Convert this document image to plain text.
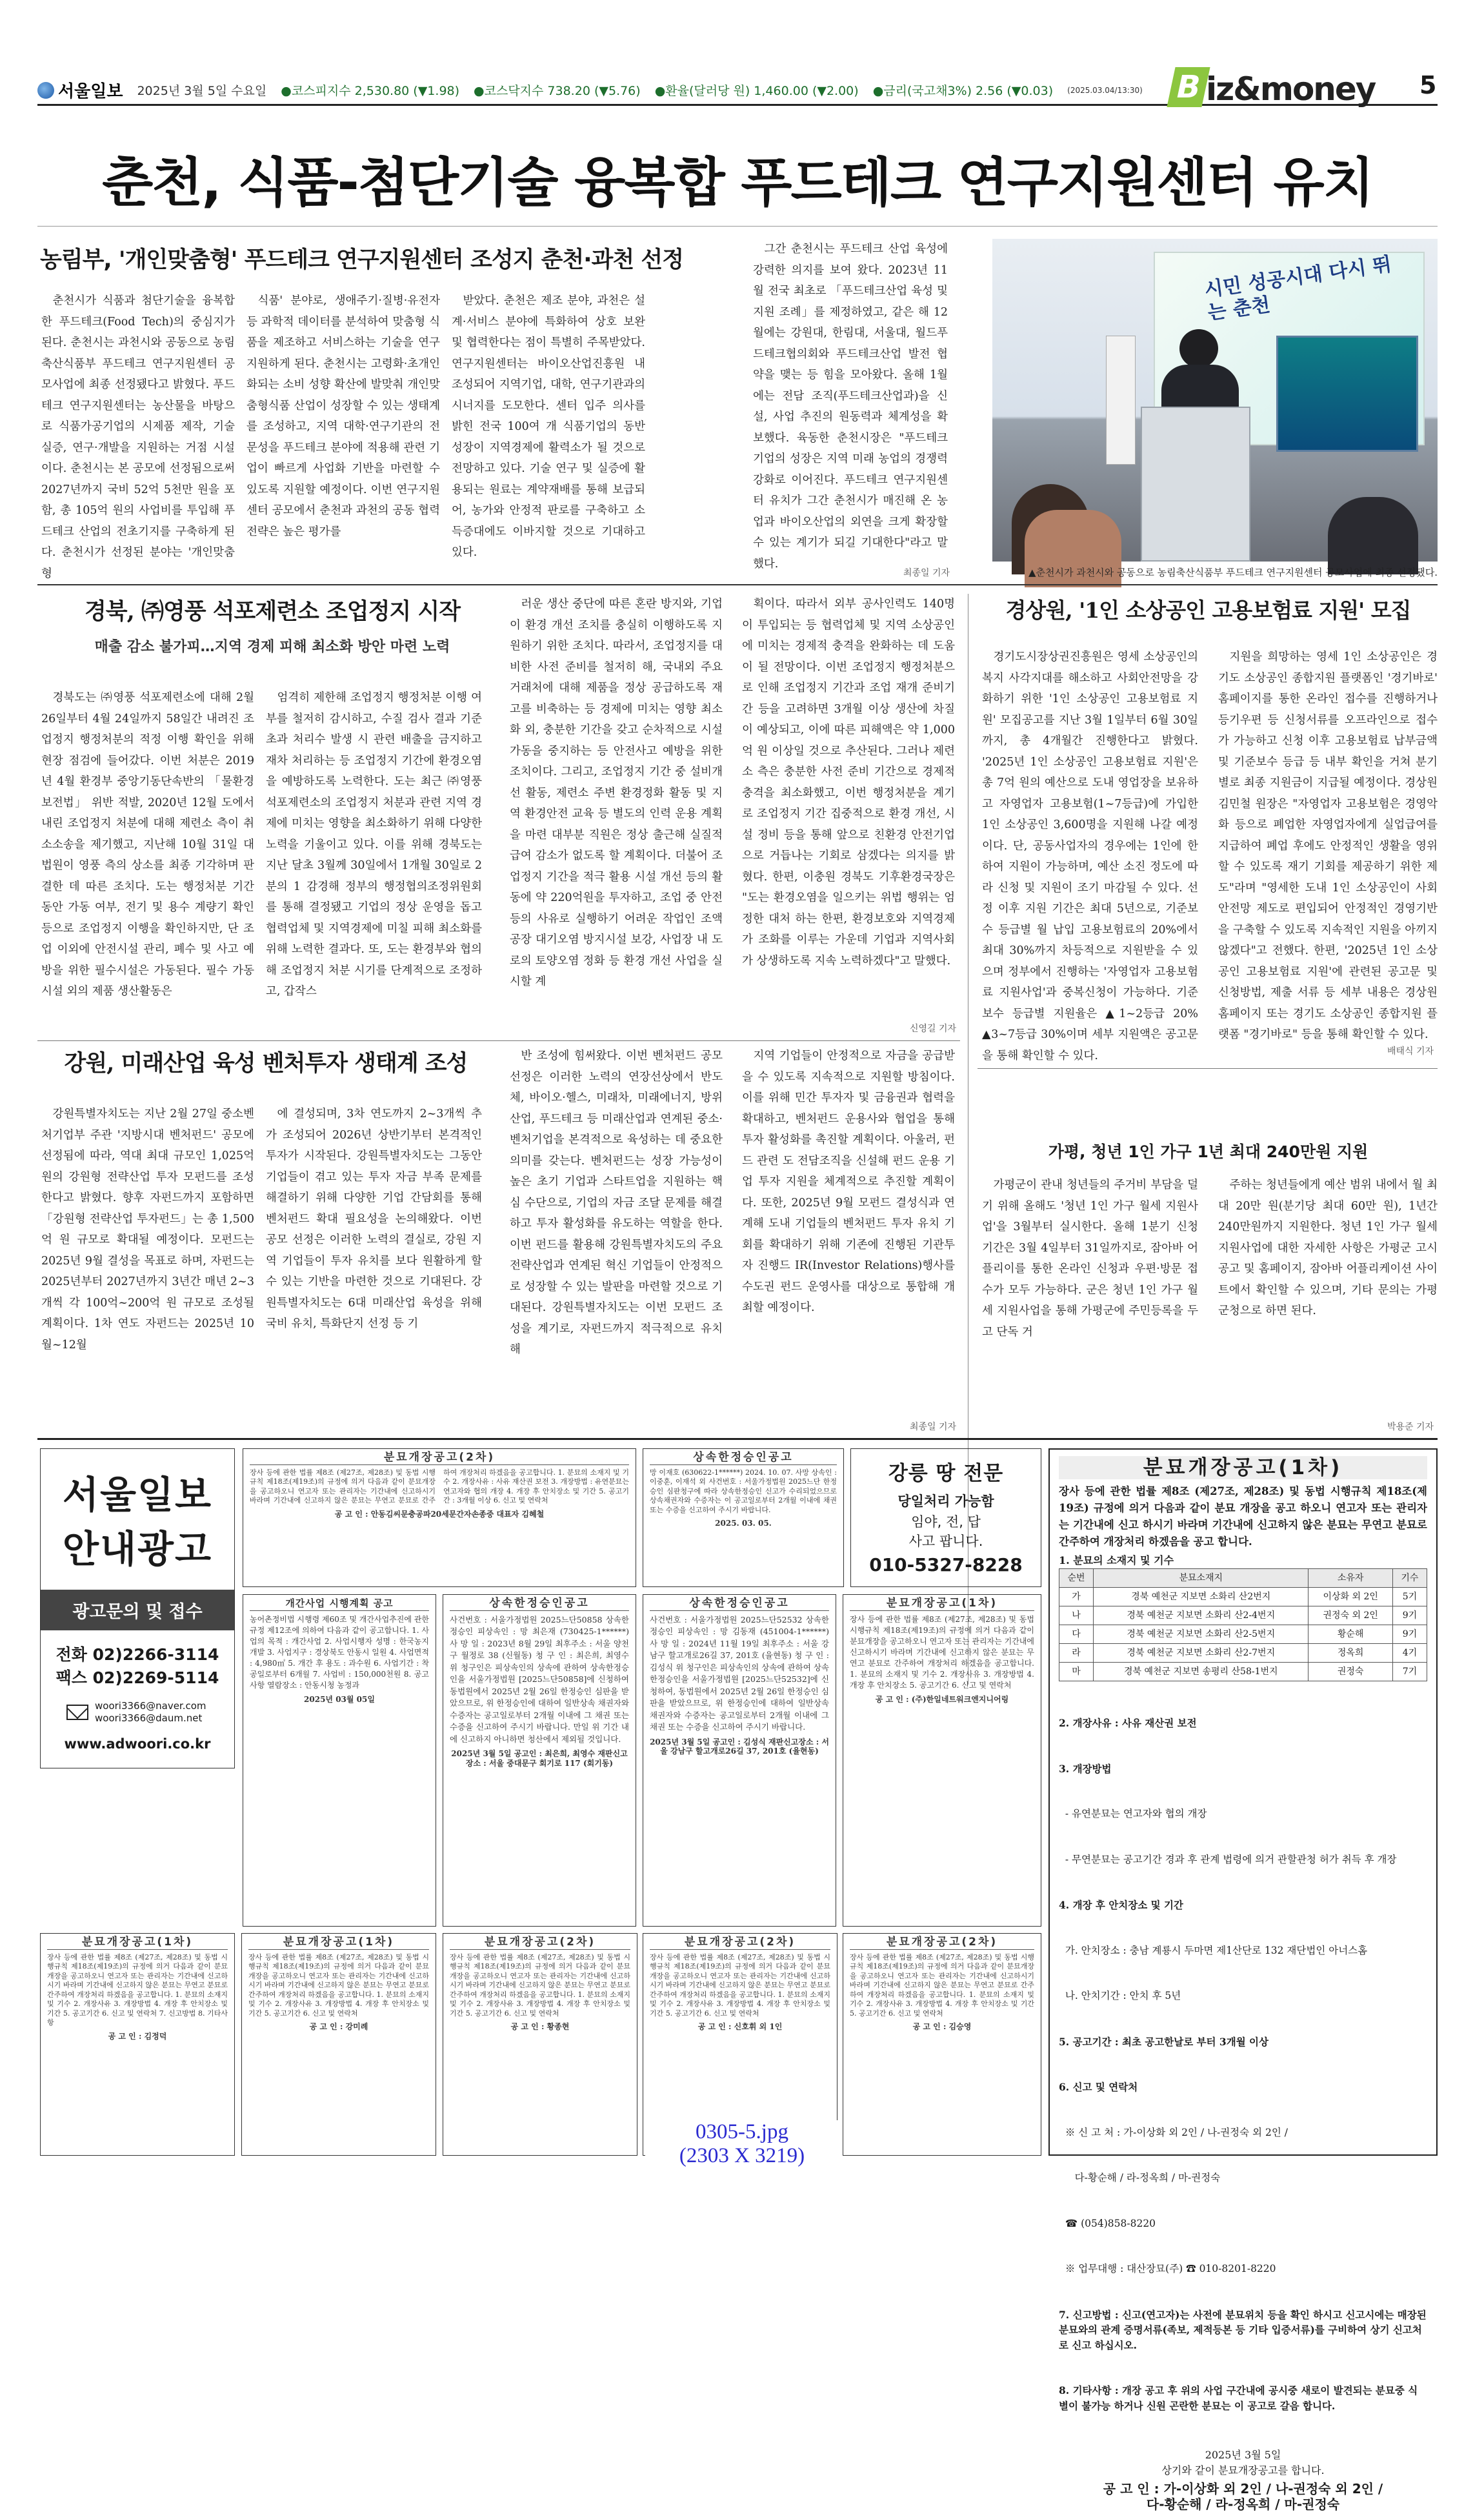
서울일보 2025년 3월 5일 수요일 ●코스피지수 2,530.80 (▼1.98) ●코스닥지수 738.20 (▼5.76) ●환율(달러당 원) 1,460.00 (▼2.00) ●금리(국고채3%) 2.56 (▼0.03) (2025.03.04/13:30) B iz&money 5
춘천, 식품-첨단기술 융복합 푸드테크 연구지원센터 유치
농림부, '개인맞춤형' 푸드테크 연구지원센터 조성지 춘천·과천 선정

춘천시가 식품과 첨단기술을 융복합한 푸드테크(Food Tech)의 중심지가 된다. 춘천시는 과천시와 공동으로 농림축산식품부 푸드테크 연구지원센터 공모사업에 최종 선정됐다고 밝혔다. 푸드테크 연구지원센터는 농산물을 바탕으로 식품가공기업의 시제품 제작, 기술 실증, 연구·개발을 지원하는 거점 시설이다. 춘천시는 본 공모에 선정됨으로써 2027년까지 국비 52억 5천만 원을 포함, 총 105억 원의 사업비를 투입해 푸드테크 산업의 전초기지를 구축하게 된다. 춘천시가 선정된 분야는 '개인맞춤형

식품' 분야로, 생애주기·질병·유전자 등 과학적 데이터를 분석하여 맞춤형 식품을 제조하고 서비스하는 기술을 연구 지원하게 된다. 춘천시는 고령화·초개인화되는 소비 성향 확산에 발맞춰 개인맞춤형식품 산업이 성장할 수 있는 생태계를 조성하고, 지역 대학·연구기관의 전문성을 푸드테크 분야에 적용해 관련 기업이 빠르게 사업화 기반을 마련할 수 있도록 지원할 예정이다. 이번 연구지원센터 공모에서 춘천과 과천의 공동 협력 전략은 높은 평가를

받았다. 춘천은 제조 분야, 과천은 설계·서비스 분야에 특화하여 상호 보완 및 협력한다는 점이 특별히 주목받았다. 연구지원센터는 바이오산업진흥원 내 조성되어 지역기업, 대학, 연구기관과의 시너지를 도모한다. 센터 입주 의사를 밝힌 전국 100여 개 식품기업의 동반 성장이 지역경제에 활력소가 될 것으로 전망하고 있다. 기술 연구 및 실증에 활용되는 원료는 계약재배를 통해 보급되어, 농가와 안정적 판로를 구축하고 소득증대에도 이바지할 것으로 기대하고 있다.

그간 춘천시는 푸드테크 산업 육성에 강력한 의지를 보여 왔다. 2023년 11월 전국 최초로 「푸드테크산업 육성 및 지원 조례」를 제정하였고, 같은 해 12월에는 강원대, 한림대, 서울대, 월드푸드테크협의회와 푸드테크산업 발전 협약을 맺는 등 힘을 모아왔다. 올해 1월에는 전담 조직(푸드테크산업과)을 신설, 사업 추진의 원동력과 체계성을 확보했다. 육동한 춘천시장은 "푸드테크 기업의 성장은 지역 미래 농업의 경쟁력 강화로 이어진다. 푸드테크 연구지원센터 유치가 그간 춘천시가 매진해 온 농업과 바이오산업의 외연을 크게 확장할 수 있는 계기가 되길 기대한다"라고 말했다.

최종일 기자
시민 성공시대 다시 뛰는 춘천
▲춘천시가 과천시와 공동으로 농림축산식품부 푸드테크 연구지원센터 공모사업에 최종 선정됐다.
경북, ㈜영풍 석포제련소 조업정지 시작
매출 감소 불가피…지역 경제 피해 최소화 방안 마련 노력

경북도는 ㈜영풍 석포제련소에 대해 2월 26일부터 4월 24일까지 58일간 내려진 조업정지 행정처분의 적정 이행 확인을 위해 현장 점검에 들어갔다. 이번 처분은 2019년 4월 환경부 중앙기동단속반의 「물환경보전법」 위반 적발, 2020년 12월 도에서 내린 조업정지 처분에 대해 제련소 측이 취소소송을 제기했고, 지난해 10월 31일 대법원이 영풍 측의 상소를 최종 기각하며 판결한 데 따른 조치다. 도는 행정처분 기간 동안 가동 여부, 전기 및 용수 계량기 확인 등으로 조업정지 이행을 확인하지만, 단 조업 이외에 안전시설 관리, 폐수 및 사고 예방을 위한 필수시설은 가동된다. 필수 가동 시설 외의 제품 생산활동은

엄격히 제한해 조업정지 행정처분 이행 여부를 철저히 감시하고, 수질 검사 결과 기준 초과 처리수 발생 시 관련 배출을 금지하고 재차 처리하는 등 조업정지 기간에 환경오염을 예방하도록 노력한다. 도는 최근 ㈜영풍 석포제련소의 조업정지 처분과 관련 지역 경제에 미치는 영향을 최소화하기 위해 다양한 노력을 기울이고 있다. 이를 위해 경북도는 지난 달초 3월께 30일에서 1개월 30일로 2분의 1 감경해 정부의 행정협의조정위원회를 통해 결정됐고 기업의 정상 운영을 돕고 협력업체 및 지역경제에 미칠 피해 최소화를 위해 노력한 결과다. 또, 도는 환경부와 협의해 조업정지 처분 시기를 단계적으로 조정하고, 갑작스

러운 생산 중단에 따른 혼란 방지와, 기업이 환경 개선 조치를 충실히 이행하도록 지원하기 위한 조치다. 따라서, 조업정지를 대비한 사전 준비를 철저히 해, 국내외 주요 거래처에 대해 제품을 정상 공급하도록 재고를 비축하는 등 경제에 미치는 영향 최소화 외, 충분한 기간을 갖고 순차적으로 시설 가동을 중지하는 등 안전사고 예방을 위한 조치이다. 그리고, 조업정지 기간 중 설비개선 활동, 제련소 주변 환경정화 활동 및 지역 환경안전 교육 등 별도의 인력 운용 계획을 마련 대부분 직원은 정상 출근해 실질적 급여 감소가 없도록 할 계획이다. 더불어 조업정지 기간을 적극 활용 시설 개선 등의 활동에 약 220억원을 투자하고, 조업 중 안전 등의 사유로 실행하기 어려운 작업인 조액공장 대기오염 방지시설 보강, 사업장 내 도로의 토양오염 정화 등 환경 개선 사업을 실시할 계

획이다. 따라서 외부 공사인력도 140명이 투입되는 등 협력업체 및 지역 소상공인에 미치는 경제적 충격을 완화하는 데 도움이 될 전망이다. 이번 조업정지 행정처분으로 인해 조업정지 기간과 조업 재개 준비기간 등을 고려하면 3개월 이상 생산에 차질이 예상되고, 이에 따른 피해액은 약 1,000억 원 이상일 것으로 추산된다. 그러나 제련소 측은 충분한 사전 준비 기간으로 경제적 충격을 최소화했고, 이번 행정처분을 계기로 조업정지 기간 집중적으로 환경 개선, 시설 정비 등을 통해 앞으로 친환경 안전기업으로 거듭나는 기회로 삼겠다는 의지를 밝혔다. 한편, 이충원 경북도 기후환경국장은 "도는 환경오염을 일으키는 위법 행위는 엄정한 대처 하는 한편, 환경보호와 지역경제가 조화를 이루는 가운데 기업과 지역사회가 상생하도록 지속 노력하겠다"고 말했다.

신영길 기자
경상원, '1인 소상공인 고용보험료 지원' 모집

경기도시장상권진흥원은 영세 소상공인의 복지 사각지대를 해소하고 사회안전망을 강화하기 위한 '1인 소상공인 고용보험료 지원' 모집공고를 지난 3월 1일부터 6월 30일까지, 총 4개월간 진행한다고 밝혔다. '2025년 1인 소상공인 고용보험료 지원'은 총 7억 원의 예산으로 도내 영업장을 보유하고 자영업자 고용보험(1~7등급)에 가입한 1인 소상공인 3,600명을 지원해 나갈 예정이다. 단, 공동사업자의 경우에는 1인에 한하여 지원이 가능하며, 예산 소진 정도에 따라 신청 및 지원이 조기 마감될 수 있다. 선정 이후 지원 기간은 최대 5년으로, 기준보수 등급별 월 납입 고용보험료의 20%에서 최대 30%까지 차등적으로 지원받을 수 있으며 정부에서 진행하는 '자영업자 고용보험료 지원사업'과 중복신청이 가능하다. 기준보수 등급별 지원율은 ▲1~2등급 20% ▲3~7등급 30%이며 세부 지원액은 공고문을 통해 확인할 수 있다.

지원을 희망하는 영세 1인 소상공인은 경기도 소상공인 종합지원 플랫폼인 '경기바로' 홈페이지를 통한 온라인 접수를 진행하거나 등기우편 등 신청서류를 오프라인으로 접수가 가능하고 신청 이후 고용보험료 납부금액 및 기준보수 등급 등 내부 확인을 거쳐 분기별로 최종 지원금이 지급될 예정이다. 경상원 김민철 원장은 "자영업자 고용보험은 경영악화 등으로 폐업한 자영업자에게 실업급여를 지급하여 폐업 후에도 안정적인 생활을 영위할 수 있도록 재기 기회를 제공하기 위한 제도"라며 "영세한 도내 1인 소상공인이 사회안전망 제도로 편입되어 안정적인 경영기반을 구축할 수 있도록 지속적인 지원을 아끼지 않겠다"고 전했다. 한편, '2025년 1인 소상공인 고용보험료 지원'에 관련된 공고문 및 신청방법, 제출 서류 등 세부 내용은 경상원 홈페이지 또는 경기도 소상공인 종합지원 플랫폼 "경기바로" 등을 통해 확인할 수 있다.

배태식 기자
강원, 미래산업 육성 벤처투자 생태계 조성

강원특별자치도는 지난 2월 27일 중소벤처기업부 주관 '지방시대 벤처펀드' 공모에 선정됨에 따라, 역대 최대 규모인 1,025억 원의 강원형 전략산업 투자 모펀드를 조성한다고 밝혔다. 향후 자펀드까지 포함하면 「강원형 전략산업 투자펀드」는 총 1,500억 원 규모로 확대될 예정이다. 모펀드는 2025년 9월 결성을 목표로 하며, 자펀드는 2025년부터 2027년까지 3년간 매년 2~3개씩 각 100억~200억 원 규모로 조성될 계획이다. 1차 연도 자펀드는 2025년 10월~12월

에 결성되며, 3차 연도까지 2~3개씩 추가 조성되어 2026년 상반기부터 본격적인 투자가 시작된다. 강원특별자치도는 그동안 기업들이 겪고 있는 투자 자금 부족 문제를 해결하기 위해 다양한 기업 간담회를 통해 벤처펀드 확대 필요성을 논의해왔다. 이번 공모 선정은 이러한 노력의 결실로, 강원 지역 기업들이 투자 유치를 보다 원활하게 할 수 있는 기반을 마련한 것으로 기대된다. 강원특별자치도는 6대 미래산업 육성을 위해 국비 유치, 특화단지 선정 등 기

반 조성에 힘써왔다. 이번 벤처펀드 공모 선정은 이러한 노력의 연장선상에서 반도체, 바이오·헬스, 미래차, 미래에너지, 방위산업, 푸드테크 등 미래산업과 연계된 중소·벤처기업을 본격적으로 육성하는 데 중요한 의미를 갖는다. 벤처펀드는 성장 가능성이 높은 초기 기업과 스타트업을 지원하는 핵심 수단으로, 기업의 자금 조달 문제를 해결하고 투자 활성화를 유도하는 역할을 한다. 이번 펀드를 활용해 강원특별자치도의 주요 전략산업과 연계된 혁신 기업들이 안정적으로 성장할 수 있는 발판을 마련할 것으로 기대된다. 강원특별자치도는 이번 모펀드 조성을 계기로, 자펀드까지 적극적으로 유치해

지역 기업들이 안정적으로 자금을 공급받을 수 있도록 지속적으로 지원할 방침이다. 이를 위해 민간 투자자 및 금융권과 협력을 확대하고, 벤처펀드 운용사와 협업을 통해 투자 활성화를 촉진할 계획이다. 아울러, 펀드 관련 도 전담조직을 신설해 펀드 운용 기업 투자 지원을 체계적으로 추진할 계획이다. 또한, 2025년 9월 모펀드 결성식과 연계해 도내 기업들의 벤처펀드 투자 유치 기회를 확대하기 위해 기존에 진행된 기관투자 진행드 IR(Investor Relations)행사를 수도권 펀드 운영사를 대상으로 통합해 개최할 예정이다.

최종일 기자
가평, 청년 1인 가구 1년 최대 240만원 지원

가평군이 관내 청년들의 주거비 부담을 덜기 위해 올해도 '청년 1인 가구 월세 지원사업'을 3월부터 실시한다. 올해 1분기 신청 기간은 3월 4일부터 31일까지로, 잠아바 어플리이를 통한 온라인 신청과 우편·방문 접수가 모두 가능하다. 군은 청년 1인 가구 월세 지원사업을 통해 가평군에 주민등록을 두고 단독 거

주하는 청년들에게 예산 범위 내에서 월 최대 20만 원(분기당 최대 60만 원), 1년간 240만원까지 지원한다. 청년 1인 가구 월세 지원사업에 대한 자세한 사항은 가평군 고시공고 및 홈페이지, 잠아바 어플리케이션 사이트에서 확인할 수 있으며, 기타 문의는 가평군청으로 하면 된다.

박용준 기자
서울일보
안내광고
광고문의 및 접수
전화 02)2266-3114
팩스 02)2269-5114
woori3366@naver.com
woori3366@daum.net
www.adwoori.co.kr
분묘개장공고(2차)
장사 등에 관한 법률 제8조 (제27조, 제28조) 및 동법 시행규칙 제18조(제19조)의 규정에 의거 다음과 같이 분묘개장을 공고하오니 연고자 또는 관리자는 기간내에 신고하시기 바라며 기간내에 신고하지 않은 분묘는 무연고 분묘로 간주하여 개장처리 하겠음을 공고합니다. 1. 분묘의 소재지 및 기수 2. 개장사유 : 사유 재산권 보전 3. 개장방법 : 유연분묘는 연고자와 협의 개장 4. 개장 후 안치장소 및 기간 5. 공고기간 : 3개월 이상 6. 신고 및 연락처
공 고 인 : 안동김씨문충공파20세문간자손종중 대표자 김혜철
상속한정승인공고
망 이재호 (630622-1******) 2024. 10. 07. 사망 상속인 : 이중훈, 이재석 외 사건번호 : 서울가정법원 2025느단 한정승인 심판청구에 따라 상속한정승인 신고가 수리되었으므로 상속채권자와 수증자는 이 공고일로부터 2개월 이내에 채권 또는 수증을 신고하여 주시기 바랍니다.
2025. 03. 05.
강릉 땅 전문
당일처리 가능함
임야, 전, 답
사고 팝니다.
010-5327-8228
개간사업 시행계획 공고
농어촌정비법 시행령 제60조 및 개간사업추진에 관한 규정 제12조에 의하여 다음과 같이 공고합니다. 1. 사업의 목적 : 개간사업 2. 사업시행자 성명 : 한국농지개발 3. 사업지구 : 경상북도 안동시 일원 4. 사업면적 : 4,980㎡ 5. 개간 후 용도 : 과수원 6. 사업기간 : 착공일로부터 6개월 7. 사업비 : 150,000천원 8. 공고사항 열람장소 : 안동시청 농정과
2025년 03월 05일
상속한정승인공고
사건번호 : 서울가정법원 2025느단50858 상속한정승인 피상속인 : 망 최은재 (730425-1******) 사 망 일 : 2023년 8월 29일 최후주소 : 서울 양천구 월정로 38 (신월동) 청 구 인 : 최은희, 최영수 위 청구인은 피상속인의 상속에 관하여 상속한정승인을 서울가정법원 [2025느단50858]에 신청하여 동법원에서 2025년 2월 26일 한정승인 심판을 받았으므로, 위 한정승인에 대하여 일반상속 채권자와 수증자는 공고일로부터 2개월 이내에 그 채권 또는 수증을 신고하여 주시기 바랍니다. 만일 위 기간 내에 신고하지 아니하면 청산에서 제외될 것입니다.
2025년 3월 5일 공고인 : 최은희, 최영수 재판신고장소 : 서울 중대문구 회기로 117 (회기동)
상속한정승인공고
사건번호 : 서울가정법원 2025느단52532 상속한정승인 피상속인 : 망 김동재 (451004-1******) 사 망 일 : 2024년 11월 19일 최후주소 : 서울 강남구 할고개로26길 37, 201호 (율현동) 청 구 인 : 김성식 위 청구인은 피상속인의 상속에 관하여 상속한정승인을 서울가정법원 [2025느단52532]에 신청하여, 동법원에서 2025년 2월 26일 한정승인 심판을 받았으므로, 위 한정승인에 대하여 일반상속 채권자와 수증자는 공고일로부터 2개월 이내에 그 채권 또는 수증을 신고하여 주시기 바랍니다.
2025년 3월 5일 공고인 : 김성식 재판신고장소 : 서울 강남구 할고개로26길 37, 201호 (율현동)
분묘개장공고(1차)
장사 등에 관한 법률 제8조 (제27조, 제28조) 및 동법 시행규칙 제18조(제19조)의 규정에 의거 다음과 같이 분묘개장을 공고하오니 연고자 또는 관리자는 기간내에 신고하시기 바라며 기간내에 신고하지 않은 분묘는 무연고 분묘로 간주하여 개장처리 하겠음을 공고합니다. 1. 분묘의 소재지 및 기수 2. 개장사유 3. 개장방법 4. 개장 후 안치장소 5. 공고기간 6. 신고 및 연락처
공 고 인 : (주)한일네트워크엔지니어링
분묘개장공고(1차)
장사 등에 관한 법률 제8조 (제27조, 제28조) 및 동법 시행규칙 제18조(제19조)의 규정에 의거 다음과 같이 분묘개장을 공고하오니 연고자 또는 관리자는 기간내에 신고하시기 바라며 기간내에 신고하지 않은 분묘는 무연고 분묘로 간주하여 개장처리 하겠음을 공고합니다. 1. 분묘의 소재지 및 기수 2. 개장사유 3. 개장방법 4. 개장 후 안치장소 및 기간 5. 공고기간 6. 신고 및 연락처 7. 신고방법 8. 기타사항
공 고 인 : 김정덕
분묘개장공고(1차)
장사 등에 관한 법률 제8조 (제27조, 제28조) 및 동법 시행규칙 제18조(제19조)의 규정에 의거 다음과 같이 분묘개장을 공고하오니 연고자 또는 관리자는 기간내에 신고하시기 바라며 기간내에 신고하지 않은 분묘는 무연고 분묘로 간주하여 개장처리 하겠음을 공고합니다. 1. 분묘의 소재지 및 기수 2. 개장사유 3. 개장방법 4. 개장 후 안치장소 및 기간 5. 공고기간 6. 신고 및 연락처
공 고 인 : 강미례
분묘개장공고(2차)
장사 등에 관한 법률 제8조 (제27조, 제28조) 및 동법 시행규칙 제18조(제19조)의 규정에 의거 다음과 같이 분묘개장을 공고하오니 연고자 또는 관리자는 기간내에 신고하시기 바라며 기간내에 신고하지 않은 분묘는 무연고 분묘로 간주하여 개장처리 하겠음을 공고합니다. 1. 분묘의 소재지 및 기수 2. 개장사유 3. 개장방법 4. 개장 후 안치장소 및 기간 5. 공고기간 6. 신고 및 연락처
공 고 인 : 황종현
분묘개장공고(2차)
장사 등에 관한 법률 제8조 (제27조, 제28조) 및 동법 시행규칙 제18조(제19조)의 규정에 의거 다음과 같이 분묘개장을 공고하오니 연고자 또는 관리자는 기간내에 신고하시기 바라며 기간내에 신고하지 않은 분묘는 무연고 분묘로 간주하여 개장처리 하겠음을 공고합니다. 1. 분묘의 소재지 및 기수 2. 개장사유 3. 개장방법 4. 개장 후 안치장소 및 기간 5. 공고기간 6. 신고 및 연락처
공 고 인 : 신호휘 외 1인
분묘개장공고(2차)
장사 등에 관한 법률 제8조 (제27조, 제28조) 및 동법 시행규칙 제18조(제19조)의 규정에 의거 다음과 같이 분묘개장을 공고하오니 연고자 또는 관리자는 기간내에 신고하시기 바라며 기간내에 신고하지 않은 분묘는 무연고 분묘로 간주하여 개장처리 하겠음을 공고합니다. 1. 분묘의 소재지 및 기수 2. 개장사유 3. 개장방법 4. 개장 후 안치장소 및 기간 5. 공고기간 6. 신고 및 연락처
공 고 인 : 김승영
분묘개장공고(1차)
장사 등에 관한 법률 제8조 (제27조, 제28조) 및 동법 시행규칙 제18조(제19조) 규정에 의거 다음과 같이 분묘 개장을 공고 하오니 연고자 또는 관리자는 기간내에 신고 하시기 바라며 기간내에 신고하지 않은 분묘는 무연고 분묘로 간주하여 개장처리 하겠음을 공고 합니다.
1. 분묘의 소재지 및 기수
순번	분묘소재지	소유자	기수
가	경북 예천군 지보면 소화리 산2번지	이상화 외 2인	5기
나	경북 예천군 지보면 소화리 산2-4번지	권정숙 외 2인	9기
다	경북 예천군 지보면 소화리 산2-5번지	황순해	9기
라	경북 예천군 지보면 소화리 산2-7번지	정옥희	4기
마	경북 예천군 지보면 송평리 산58-1번지	권정숙	7기

2. 개장사유 : 사유 재산권 보전

3. 개장방법

- 유연분묘는 연고자와 협의 개장

- 무연분묘는 공고기간 경과 후 관계 법령에 의거 관할관청 허가 취득 후 개장

4. 개장 후 안치장소 및 기간

가. 안치장소 : 충남 계룡시 두마면 제1산단로 132 재단법인 아너스홈

나. 안치기간 : 안치 후 5년

5. 공고기간 : 최초 공고한날로 부터 3개월 이상

6. 신고 및 연락처

※ 신 고 처 : 가-이상화 외 2인 / 나-권정숙 외 2인 /

다-황순해 / 라-정옥희 / 마-권정숙

☎ (054)858-8220

※ 업무대행 : 대산장묘(주) ☎ 010-8201-8220

7. 신고방법 : 신고(연고자)는 사전에 분묘위치 등을 확인 하시고 신고시에는 매장된 분묘와의 관계 증명서류(족보, 제적등본 등 기타 입증서류)를 구비하여 상기 신고처로 신고 하십시오.

8. 기타사항 : 개장 공고 후 위의 사업 구간내에 공시중 새로이 발견되는 분묘중 식별이 불가능 하거나 신원 곤란한 분묘는 이 공고로 갈음 합니다.

2025년 3월 5일
상기와 같이 분묘개장공고를 합니다.
공 고 인 : 가-이상화 외 2인 / 나-권정숙 외 2인 /
다-황순해 / 라-정옥희 / 마-권정숙
0305-5.jpg
(2303 X 3219)
